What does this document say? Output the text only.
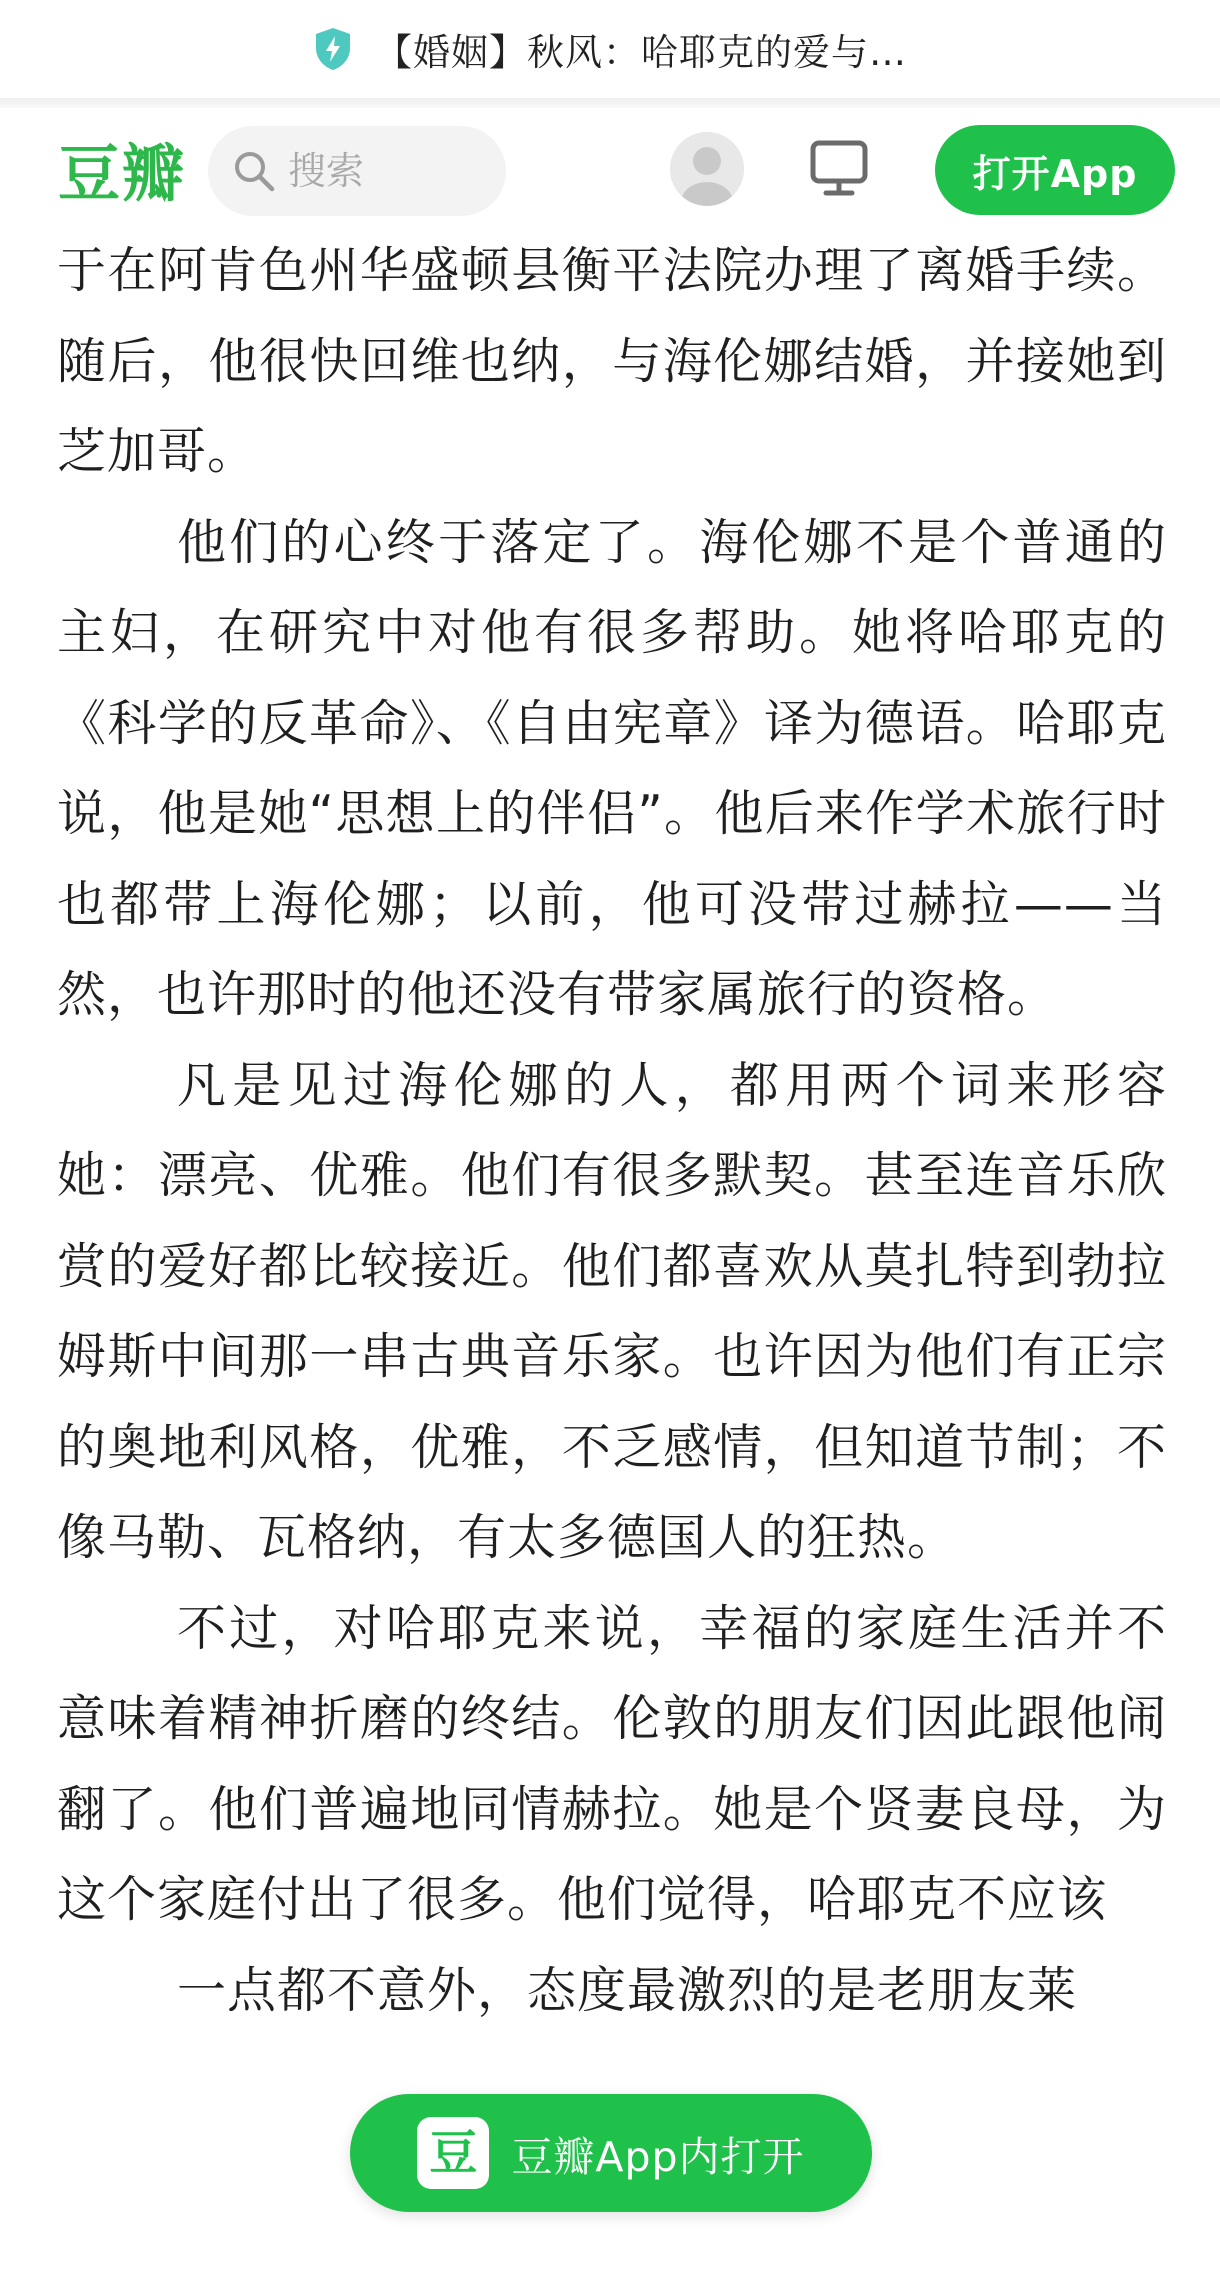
【婚姻】秋风：哈耶克的爱与…
豆瓣
搜索	打开App

于在阿肯色州华盛顿县衡平法院办理了离婚手续。随后，他很快回维也纳，与海伦娜结婚，并接她到芝加哥。

他们的心终于落定了。海伦娜不是个普通的主妇，在研究中对他有很多帮助。她将哈耶克的《科学的反革命》、《自由宪章》译为德语。哈耶克说，他是她“思想上的伴侣”。他后来作学术旅行时也都带上海伦娜；以前，他可没带过赫拉——当然，也许那时的他还没有带家属旅行的资格。

凡是见过海伦娜的人，都用两个词来形容她：漂亮、优雅。他们有很多默契。甚至连音乐欣赏的爱好都比较接近。他们都喜欢从莫扎特到勃拉姆斯中间那一串古典音乐家。也许因为他们有正宗的奥地利风格，优雅，不乏感情，但知道节制；不像马勒、瓦格纳，有太多德国人的狂热。

不过，对哈耶克来说，幸福的家庭生活并不意味着精神折磨的终结。伦敦的朋友们因此跟他闹翻了。他们普遍地同情赫拉。她是个贤妻良母，为这个家庭付出了很多。他们觉得，哈耶克不应该

一点都不意外，态度最激烈的是老朋友莱

豆 豆瓣App内打开
